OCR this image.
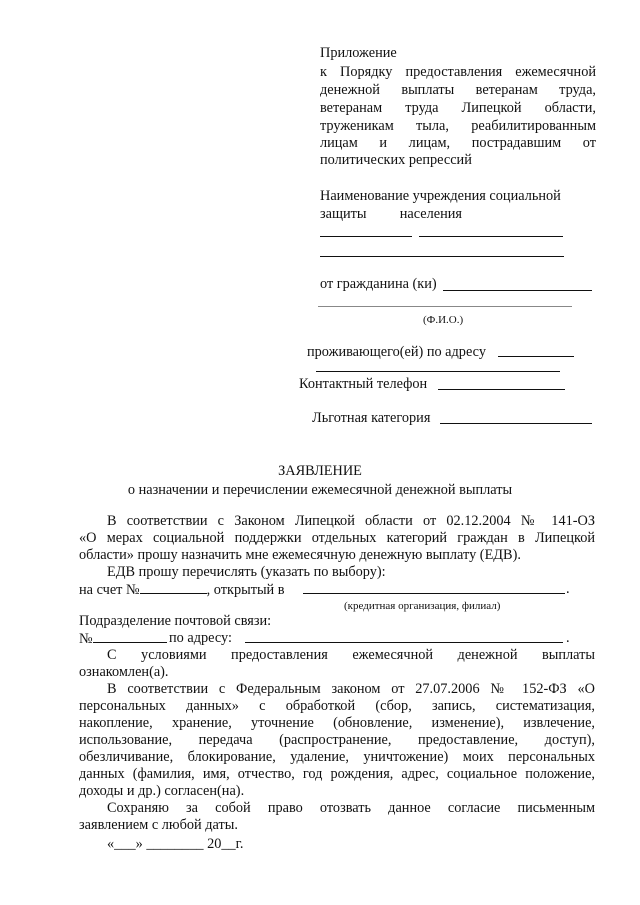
Приложение
к Порядку предоставления ежемесячной
денежной выплаты ветеранам труда,
ветеранам труда Липецкой области,
труженикам тыла, реабилитированным
лицам и лицам, пострадавшим от
политических репрессий
Наименование учреждения социальной
защиты населения
от гражданина (ки)
(Ф.И.О.)
проживающего(ей) по адресу
Контактный телефон
Льготная категория
ЗАЯВЛЕНИЕ
о назначении и перечислении ежемесячной денежной выплаты
В соответствии с Законом Липецкой области от 02.12.2004 № 141-ОЗ
«О мерах социальной поддержки отдельных категорий граждан в Липецкой
области» прошу назначить мне ежемесячную денежную выплату (ЕДВ).
ЕДВ прошу перечислять (указать по выбору):
на счет №	, открытый в	.
(кредитная организация, филиал)
Подразделение почтовой связи:
№	по адресу:	.
С условиями предоставления ежемесячной денежной выплаты
ознакомлен(а).
В соответствии с Федеральным законом от 27.07.2006 № 152-ФЗ «О
персональных данных» с обработкой (сбор, запись, систематизация,
накопление, хранение, уточнение (обновление, изменение), извлечение,
использование, передача (распространение, предоставление, доступ),
обезличивание, блокирование, удаление, уничтожение) моих персональных
данных (фамилия, имя, отчество, год рождения, адрес, социальное положение,
доходы и др.) согласен(на).
Сохраняю за собой право отозвать данное согласие письменным
заявлением с любой даты.
«___» ________ 20__г.
